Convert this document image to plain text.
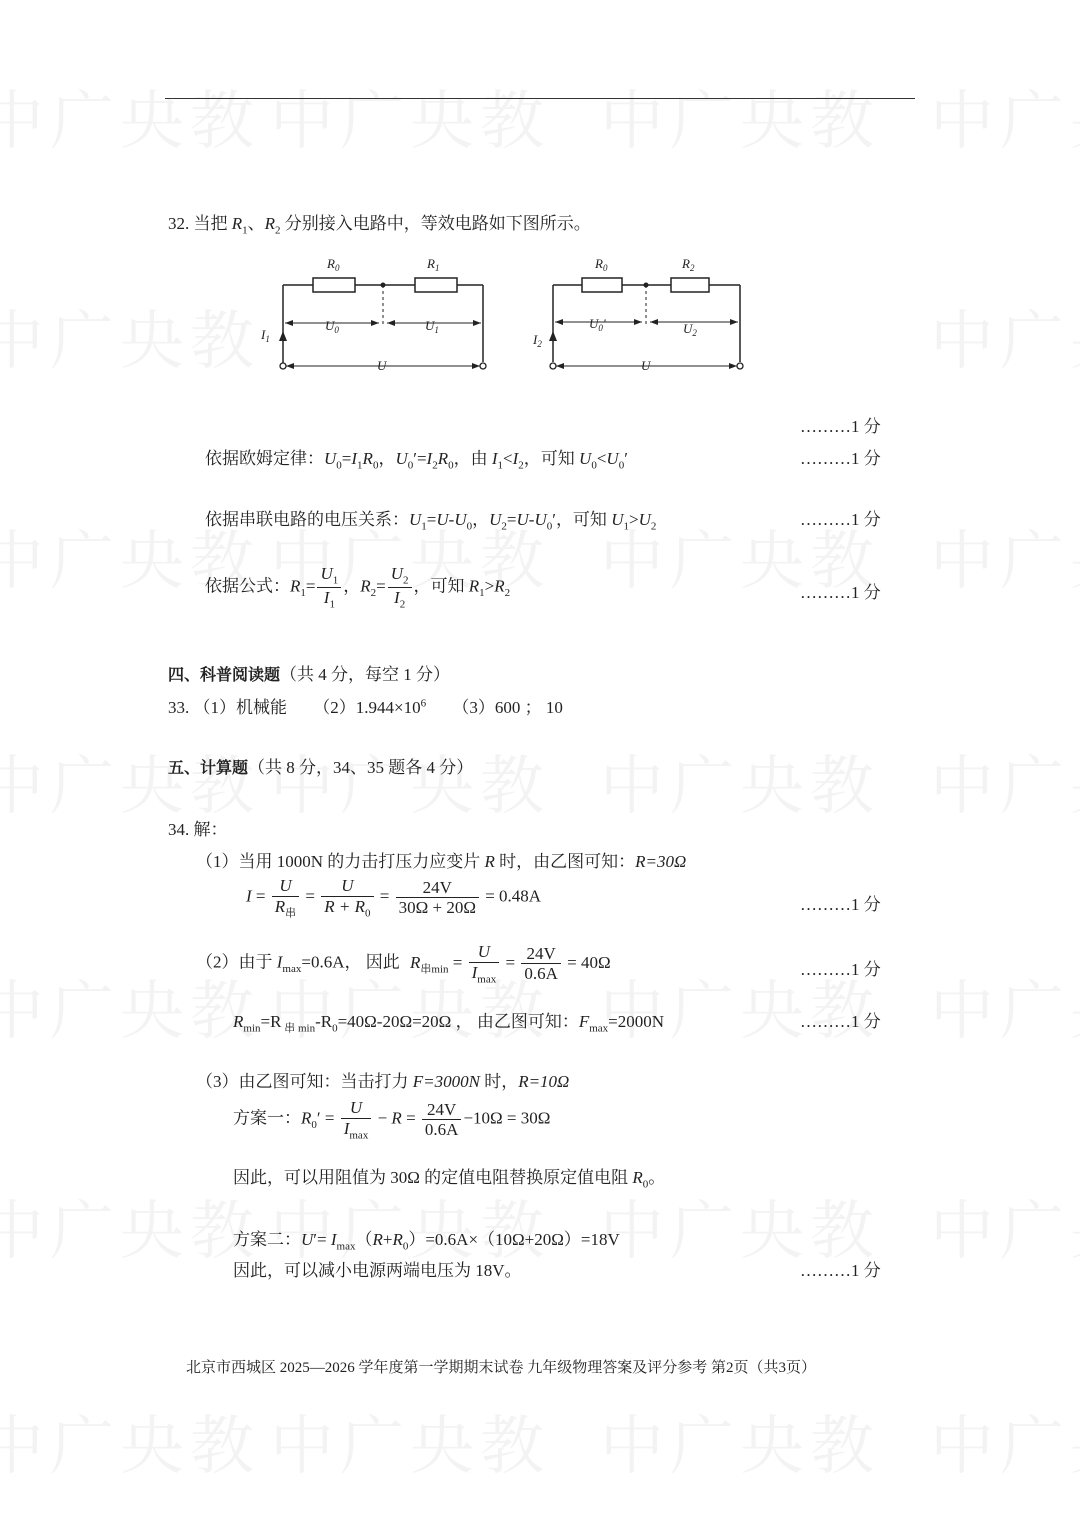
32. 当把 $R_1$、$R_2$ 分别接入电路中，等效电路如下图所示。
$R_0$	$R_1$
$U_0$	$U_1$
$I_1$
U
$R_0$	$R_2$
$U_0'$	$U_2$
$I_2$
U
………1 分
依据欧姆定律：$U_0=I_1R_0$，$U_0'=I_2R_0$，由 $I_1<I_2$，可知 $U_0<U_0'$	………1 分
依据串联电路的电压关系：$U_1=U-U_0$，$U_2=U-U_0'$，可知 $U_1>U_2$	………1 分
依据公式：$R_1= \frac{U_1}{I_1}$ ，$R_2= \frac{U_2}{I_2}$ ，可知 $R_1>R_2$	………1 分
四、科普阅读题（共 4 分，每空 1 分）
33. （1）机械能 $(2)1.944\times 10^6$ （3）600 ； 10
五、计算题（共 8 分，34、35 题各 4 分）
34. 解：
（1）当用 1000N 的力击打压力应变片 R 时，由乙图可知：R=30Ω
$I = \frac{U}{R_串} = \frac{U}{R + R_0} = \frac{24V}{30\Omega + 20\Omega} = 0.48A$	………1 分
（2）由于 $I_{max}=0.6A$， 因此 $R_{串min} = \frac{U}{I_{max}} = \frac{24V}{0.6A} = 40\Omega$	………1 分
$R_{min}=R$ $_{串 min}-R_0=40\Omega-20\Omega=20\Omega$ ， 由乙图可知：$F_{max}=2000N$	………1 分
（3）由乙图可知：当击打力 F=3000N 时，R=10Ω
方案一：$R_0' = \frac{U}{I_{max}} - R = \frac{24V}{0.6A} -10\Omega = 30\Omega$
因此，可以用阻值为 30Ω 的定值电阻替换原定值电阻 $R_0$。
方案二：$U'= I_{max}(R+R_0)=0.6A\times(10\Omega+20\Omega)=18V$
因此，可以减小电源两端电压为 18V。	………1 分
北京市西城区 2025—2026 学年度第一学期期末试卷 九年级物理答案及评分参考 第2页（共3页）
